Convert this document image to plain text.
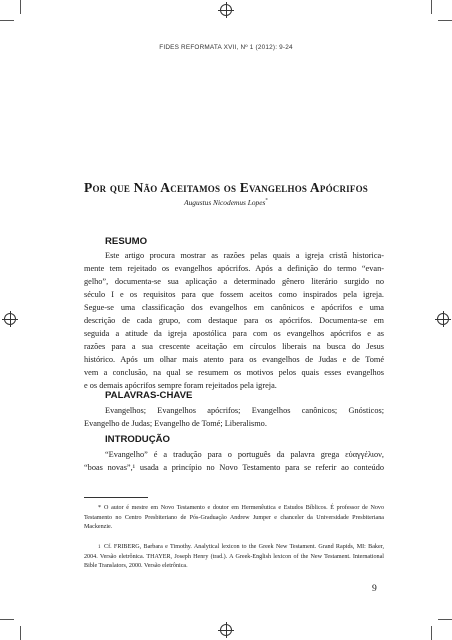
FIDES REFORMATA XVII, Nº 1 (2012): 9-24
Por que Não Aceitamos os Evangelhos Apócrifos
Augustus Nicodemus Lopes*
RESUMO
Este artigo procura mostrar as razões pelas quais a igreja cristã historica-
mente tem rejeitado os evangelhos apócrifos. Após a definição do termo “evan-
gelho”, documenta-se sua aplicação a determinado gênero literário surgido no
século I e os requisitos para que fossem aceitos como inspirados pela igreja.
Segue-se uma classificação dos evangelhos em canônicos e apócrifos e uma
descrição de cada grupo, com destaque para os apócrifos. Documenta-se em
seguida a atitude da igreja apostólica para com os evangelhos apócrifos e as
razões para a sua crescente aceitação em círculos liberais na busca do Jesus
histórico. Após um olhar mais atento para os evangelhos de Judas e de Tomé
vem a conclusão, na qual se resumem os motivos pelos quais esses evangelhos
e os demais apócrifos sempre foram rejeitados pela igreja.
PALAVRAS-CHAVE
Evangelhos; Evangelhos apócrifos; Evangelhos canônicos; Gnósticos;
Evangelho de Judas; Evangelho de Tomé; Liberalismo.
INTRODUÇÃO
“Evangelho” é a tradução para o português da palavra grega εὐαγγέλιον,
“boas novas”,¹ usada a princípio no Novo Testamento para se referir ao conteúdo
* O autor é mestre em Novo Testamento e doutor em Hermenêutica e Estudos Bíblicos. É professor de Novo Testamento no Centro Presbiteriano de Pós-Graduação Andrew Jumper e chanceler da Universidade Presbiteriana Mackenzie.
1 Cf. FRIBERG, Barbara e Timothy. Analytical lexicon to the Greek New Testament. Grand Rapids, MI: Baker, 2004. Versão eletrônica. THAYER, Joseph Henry (trad.). A Greek-English lexicon of the New Testament. International Bible Translators, 2000. Versão eletrônica.
9
